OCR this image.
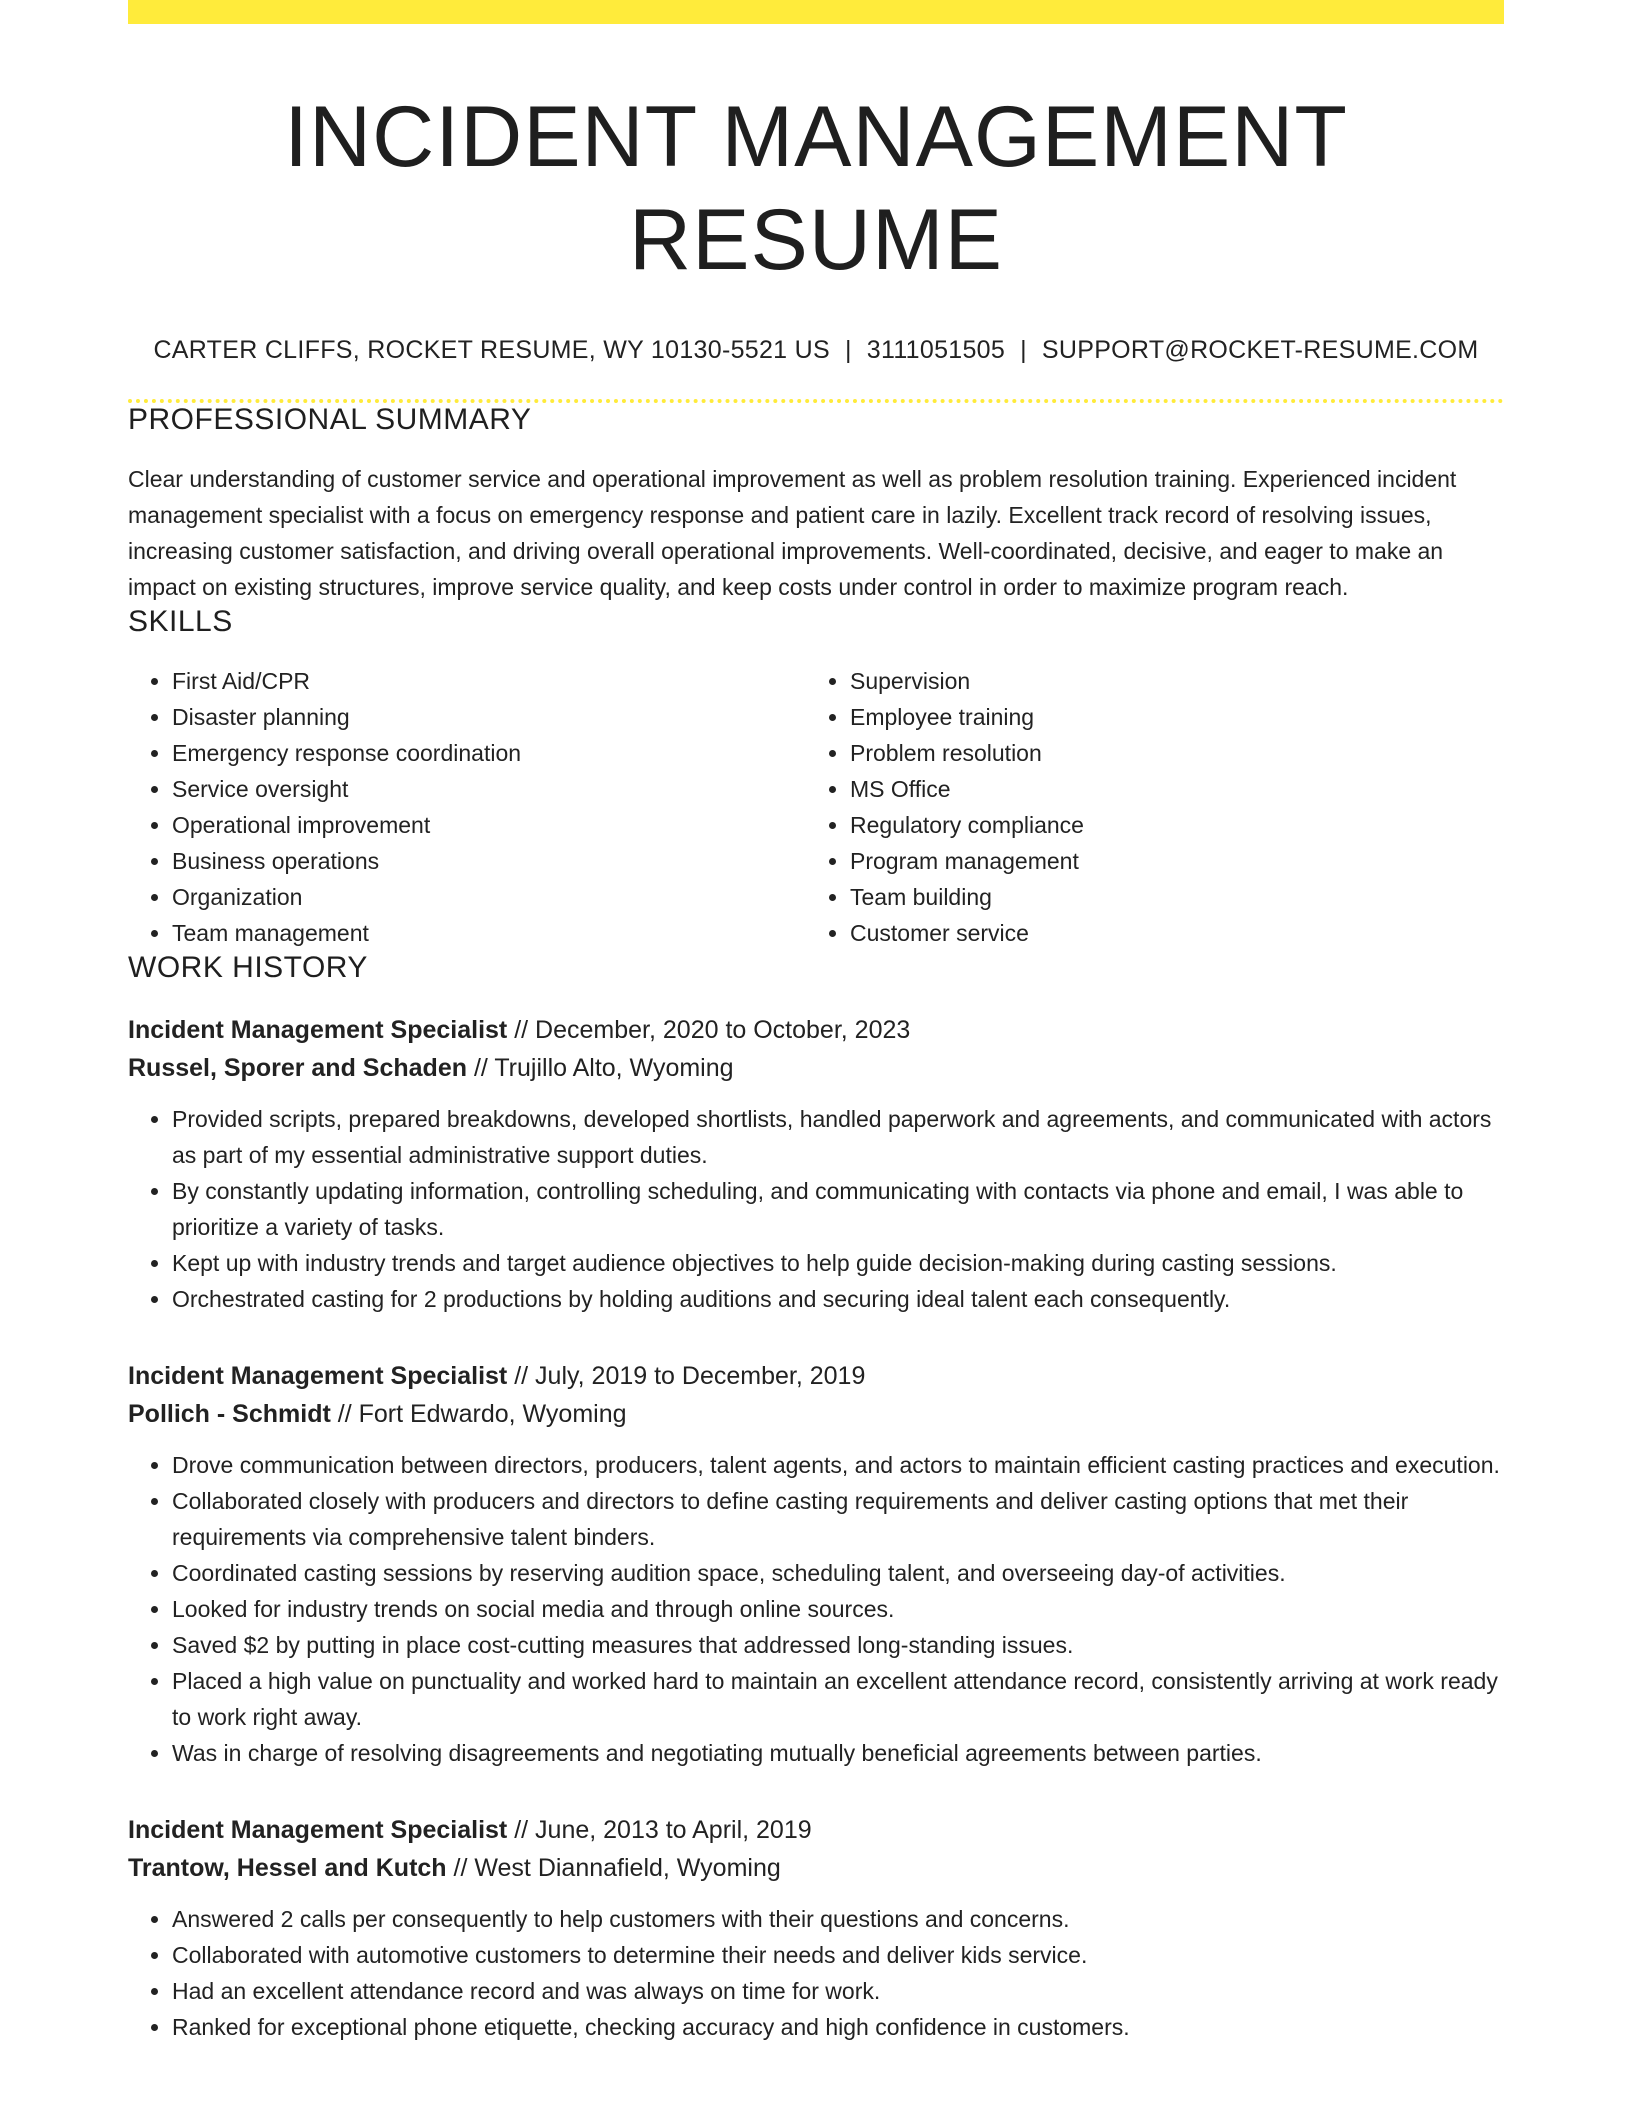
INCIDENT MANAGEMENT RESUME
CARTER CLIFFS, ROCKET RESUME, WY 10130-5521 US | 3111051505 | SUPPORT@ROCKET-RESUME.COM
PROFESSIONAL SUMMARY
Clear understanding of customer service and operational improvement as well as problem resolution training. Experienced incident management specialist with a focus on emergency response and patient care in lazily. Excellent track record of resolving issues, increasing customer satisfaction, and driving overall operational improvements. Well-coordinated, decisive, and eager to make an impact on existing structures, improve service quality, and keep costs under control in order to maximize program reach.
SKILLS
• First Aid/CPR
• Disaster planning
• Emergency response coordination
• Service oversight
• Operational improvement
• Business operations
• Organization
• Team management
• Supervision
• Employee training
• Problem resolution
• MS Office
• Regulatory compliance
• Program management
• Team building
• Customer service
WORK HISTORY
Incident Management Specialist // December, 2020 to October, 2023
Russel, Sporer and Schaden // Trujillo Alto, Wyoming
• Provided scripts, prepared breakdowns, developed shortlists, handled paperwork and agreements, and communicated with actors as part of my essential administrative support duties.
• By constantly updating information, controlling scheduling, and communicating with contacts via phone and email, I was able to prioritize a variety of tasks.
• Kept up with industry trends and target audience objectives to help guide decision-making during casting sessions.
• Orchestrated casting for 2 productions by holding auditions and securing ideal talent each consequently.
Incident Management Specialist // July, 2019 to December, 2019
Pollich - Schmidt // Fort Edwardo, Wyoming
• Drove communication between directors, producers, talent agents, and actors to maintain efficient casting practices and execution.
• Collaborated closely with producers and directors to define casting requirements and deliver casting options that met their requirements via comprehensive talent binders.
• Coordinated casting sessions by reserving audition space, scheduling talent, and overseeing day-of activities.
• Looked for industry trends on social media and through online sources.
• Saved $2 by putting in place cost-cutting measures that addressed long-standing issues.
• Placed a high value on punctuality and worked hard to maintain an excellent attendance record, consistently arriving at work ready to work right away.
• Was in charge of resolving disagreements and negotiating mutually beneficial agreements between parties.
Incident Management Specialist // June, 2013 to April, 2019
Trantow, Hessel and Kutch // West Diannafield, Wyoming
• Answered 2 calls per consequently to help customers with their questions and concerns.
• Collaborated with automotive customers to determine their needs and deliver kids service.
• Had an excellent attendance record and was always on time for work.
• Ranked for exceptional phone etiquette, checking accuracy and high confidence in customers.
